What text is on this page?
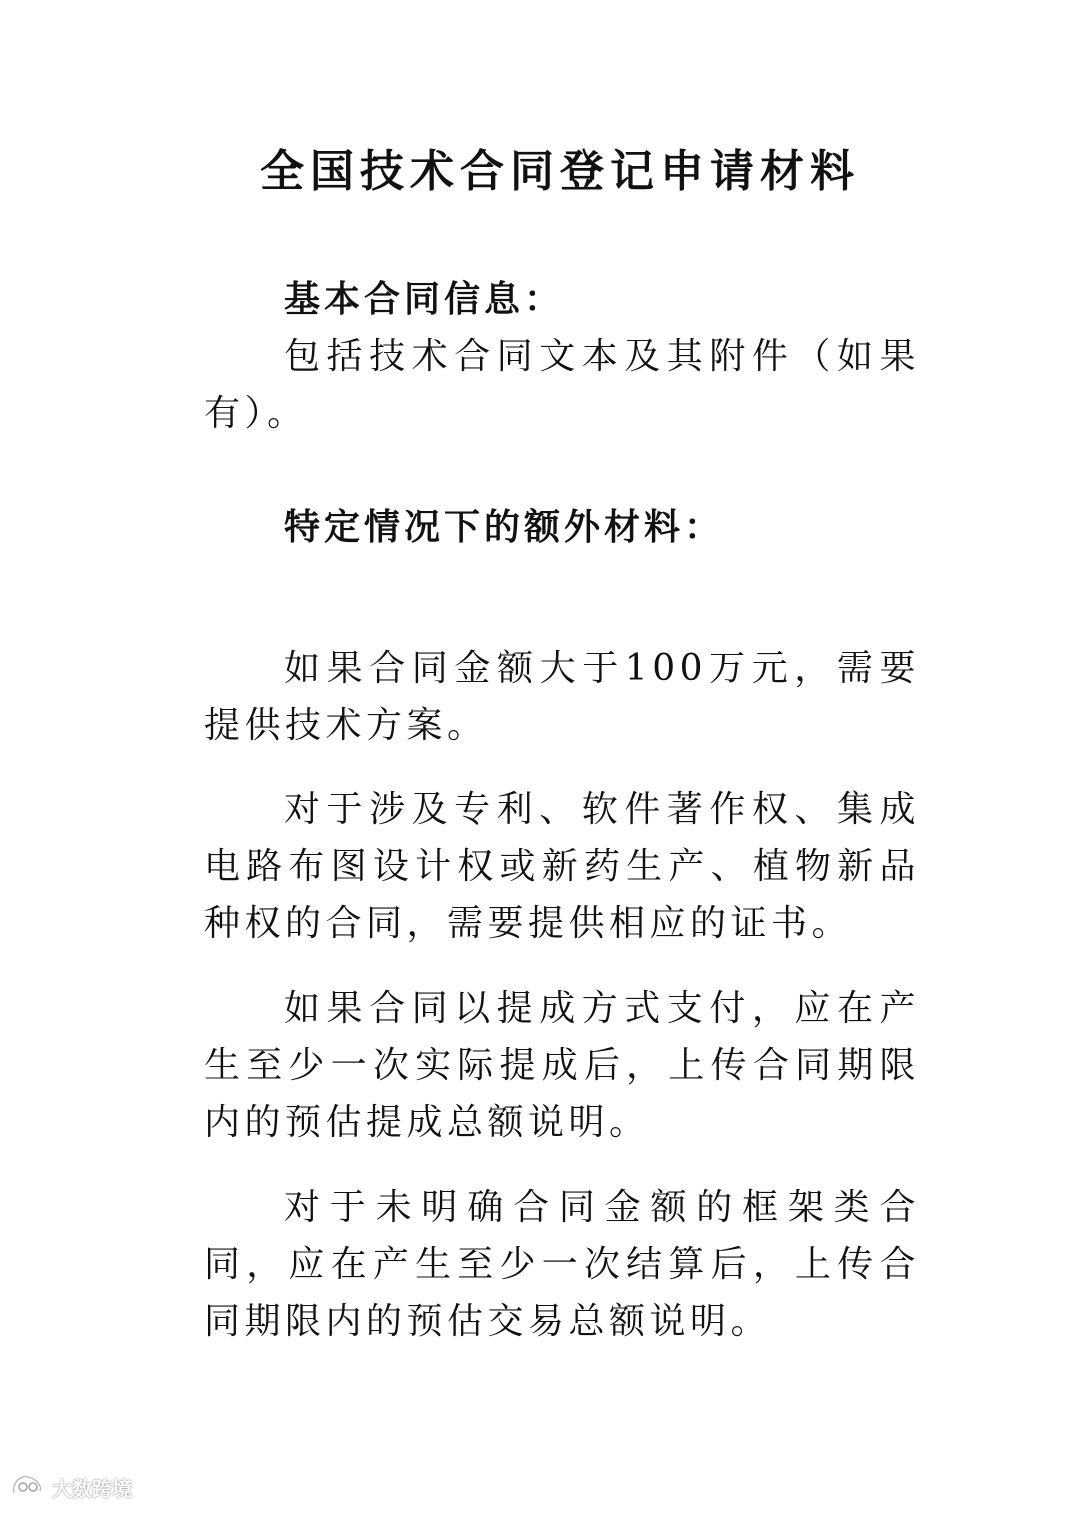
全国技术合同登记申请材料
基本合同信息：
包括技术合同文本及其附件（如果有）。
特定情况下的额外材料：
如果合同金额大于100万元，需要提供技术方案。
对于涉及专利、软件著作权、集成电路布图设计权或新药生产、植物新品种权的合同，需要提供相应的证书。
如果合同以提成方式支付，应在产生至少一次实际提成后，上传合同期限内的预估提成总额说明。
对于未明确合同金额的框架类合同，应在产生至少一次结算后，上传合同期限内的预估交易总额说明。
大数跨境
